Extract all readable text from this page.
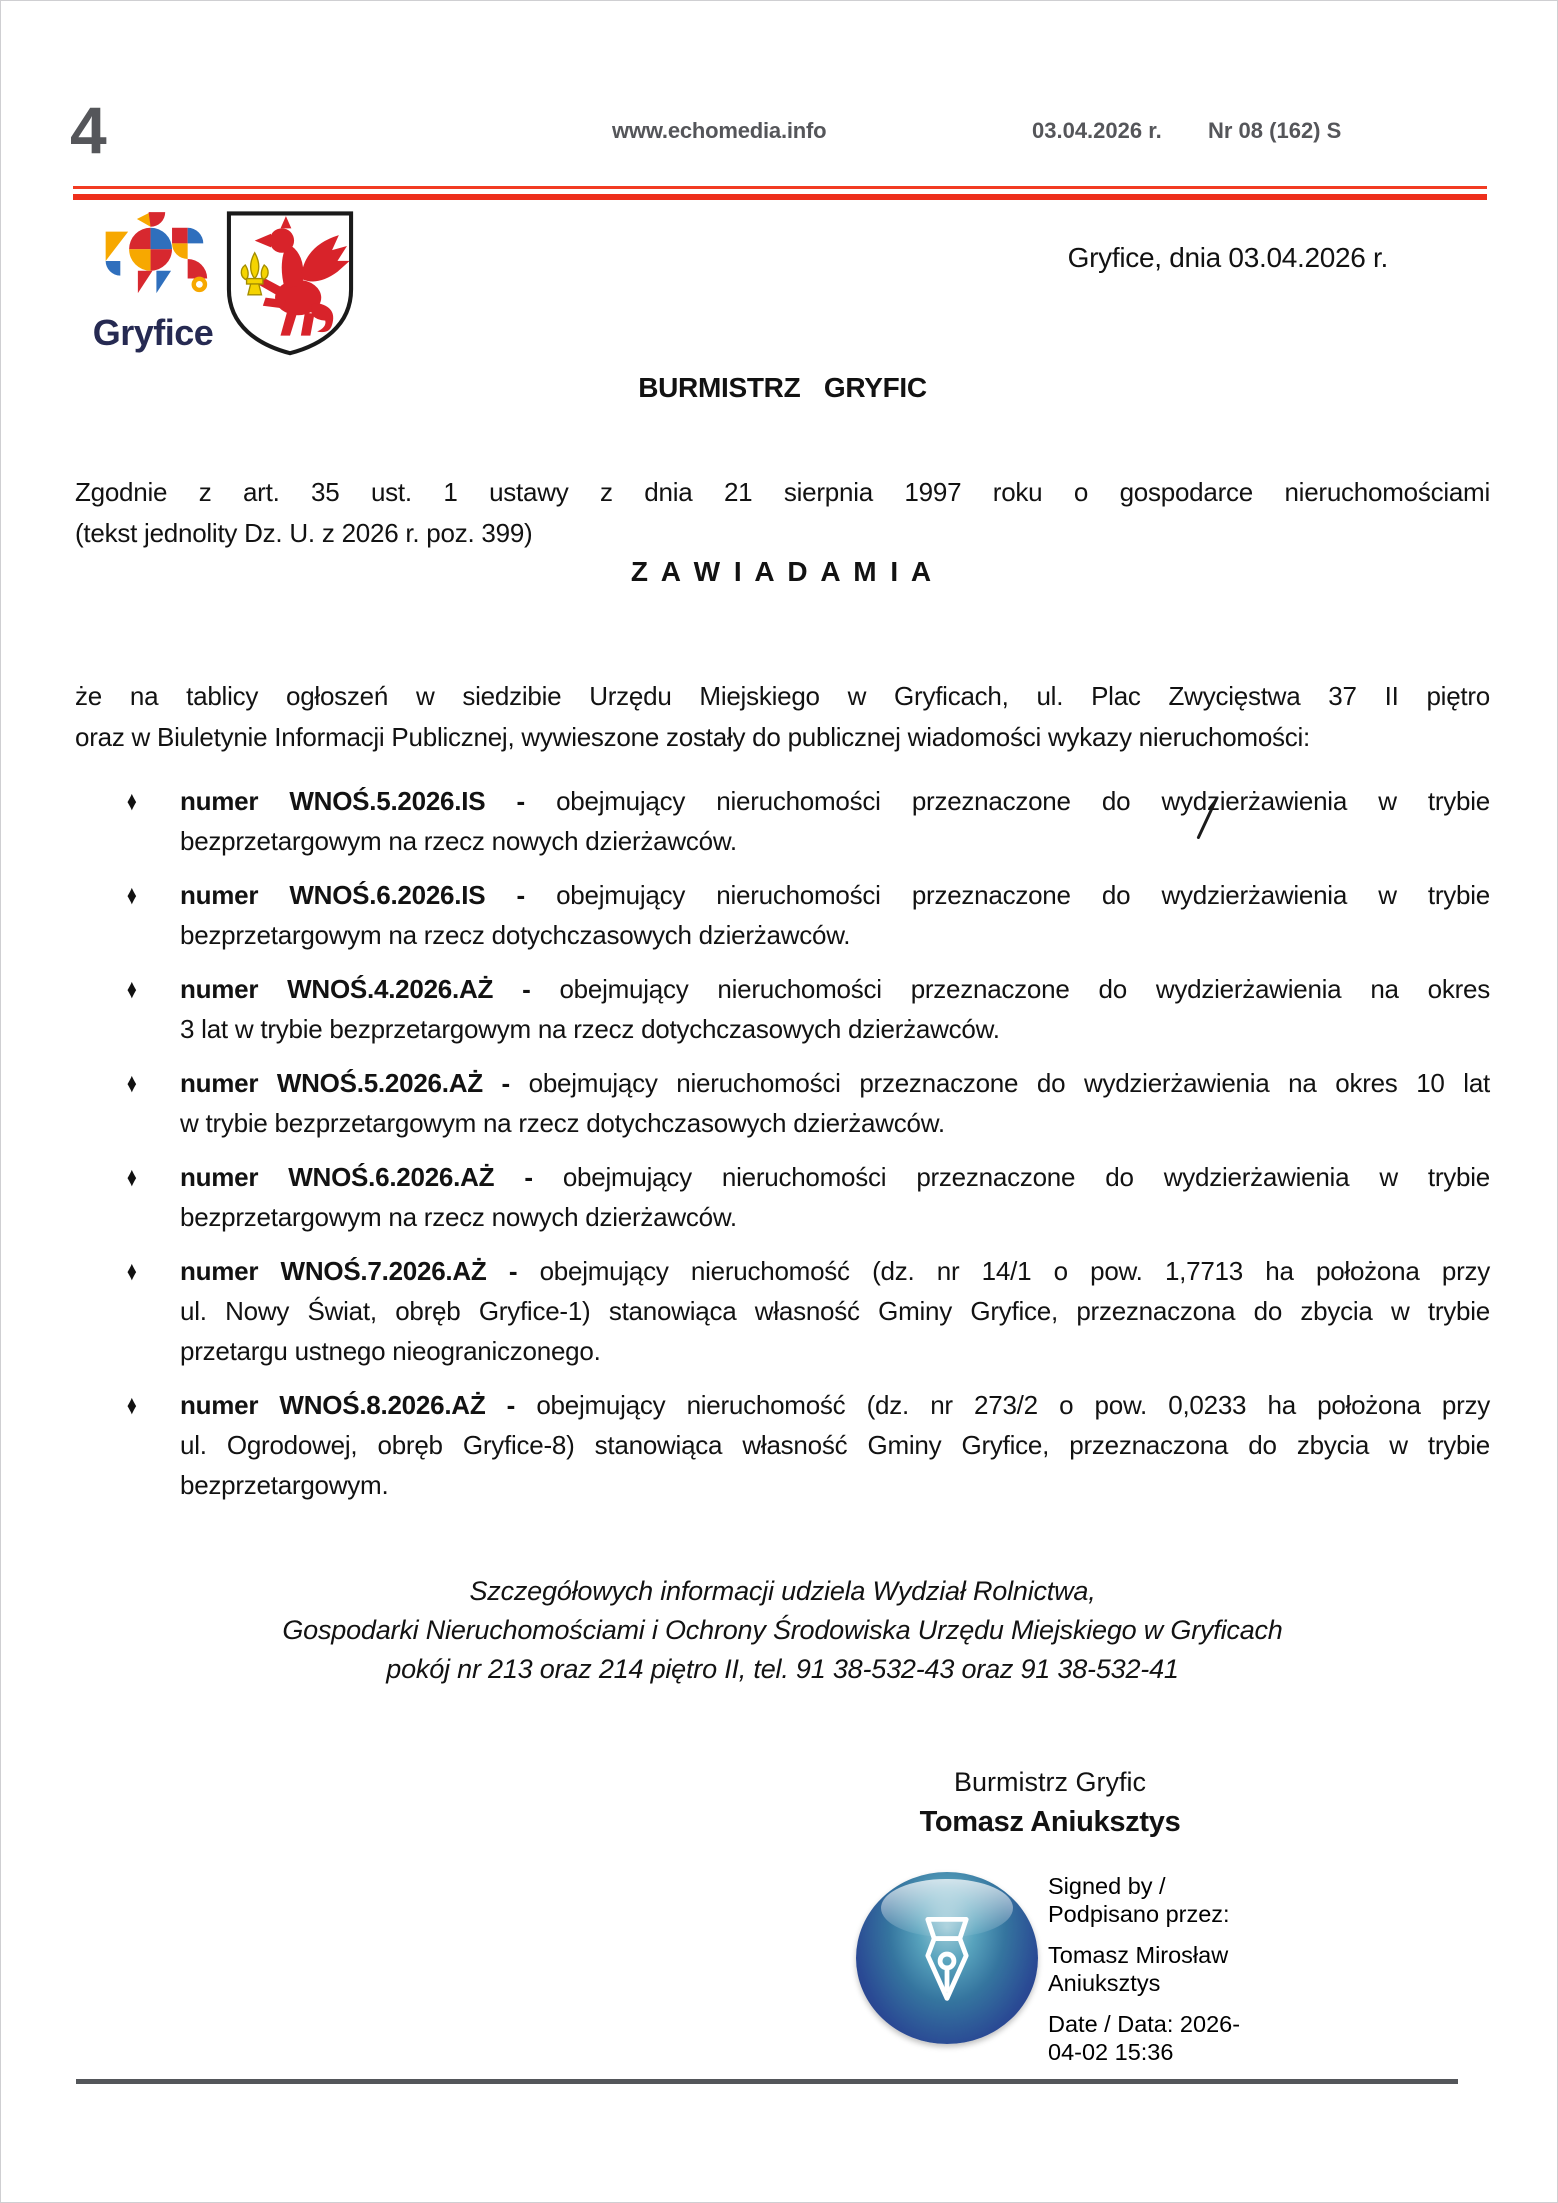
4	www.echomedia.info	03.04.2026 r. Nr 08 (162) S
Gryfice
Gryfice, dnia 03.04.2026 r.
BURMISTRZ GRYFIC

Zgodnie z art. 35 ust. 1 ustawy z dnia 21 sierpnia 1997 roku o gospodarce nieruchomościami
(tekst jednolity Dz. U. z 2026 r. poz. 399)

Z A W I A D A M I A

że na tablicy ogłoszeń w siedzibie Urzędu Miejskiego w Gryficach, ul. Plac Zwycięstwa 37 II piętro
oraz w Biuletynie Informacji Publicznej, wywieszone zostały do publicznej wiadomości wykazy nieruchomości:

♦ numer WNOŚ.5.2026.IS - obejmujący nieruchomości przeznaczone do wydzierżawienia w trybie
bezprzetargowym na rzecz nowych dzierżawców.
♦ numer WNOŚ.6.2026.IS - obejmujący nieruchomości przeznaczone do wydzierżawienia w trybie
bezprzetargowym na rzecz dotychczasowych dzierżawców.
♦ numer WNOŚ.4.2026.AŻ - obejmujący nieruchomości przeznaczone do wydzierżawienia na okres
3 lat w trybie bezprzetargowym na rzecz dotychczasowych dzierżawców.
♦ numer WNOŚ.5.2026.AŻ - obejmujący nieruchomości przeznaczone do wydzierżawienia na okres 10 lat
w trybie bezprzetargowym na rzecz dotychczasowych dzierżawców.
♦ numer WNOŚ.6.2026.AŻ - obejmujący nieruchomości przeznaczone do wydzierżawienia w trybie
bezprzetargowym na rzecz nowych dzierżawców.
♦ numer WNOŚ.7.2026.AŻ - obejmujący nieruchomość (dz. nr 14/1 o pow. 1,7713 ha położona przy
ul. Nowy Świat, obręb Gryfice-1) stanowiąca własność Gminy Gryfice, przeznaczona do zbycia w trybie
przetargu ustnego nieograniczonego.
♦ numer WNOŚ.8.2026.AŻ - obejmujący nieruchomość (dz. nr 273/2 o pow. 0,0233 ha położona przy
ul. Ogrodowej, obręb Gryfice-8) stanowiąca własność Gminy Gryfice, przeznaczona do zbycia w trybie
bezprzetargowym.
Szczegółowych informacji udziela Wydział Rolnictwa,
Gospodarki Nieruchomościami i Ochrony Środowiska Urzędu Miejskiego w Gryficach
pokój nr 213 oraz 214 piętro II, tel. 91 38-532-43 oraz 91 38-532-41
Burmistrz Gryfic
Tomasz Aniuksztys
Signed by /
Podpisano przez:
Tomasz Mirosław
Aniuksztys
Date / Data: 2026-
04-02 15:36
